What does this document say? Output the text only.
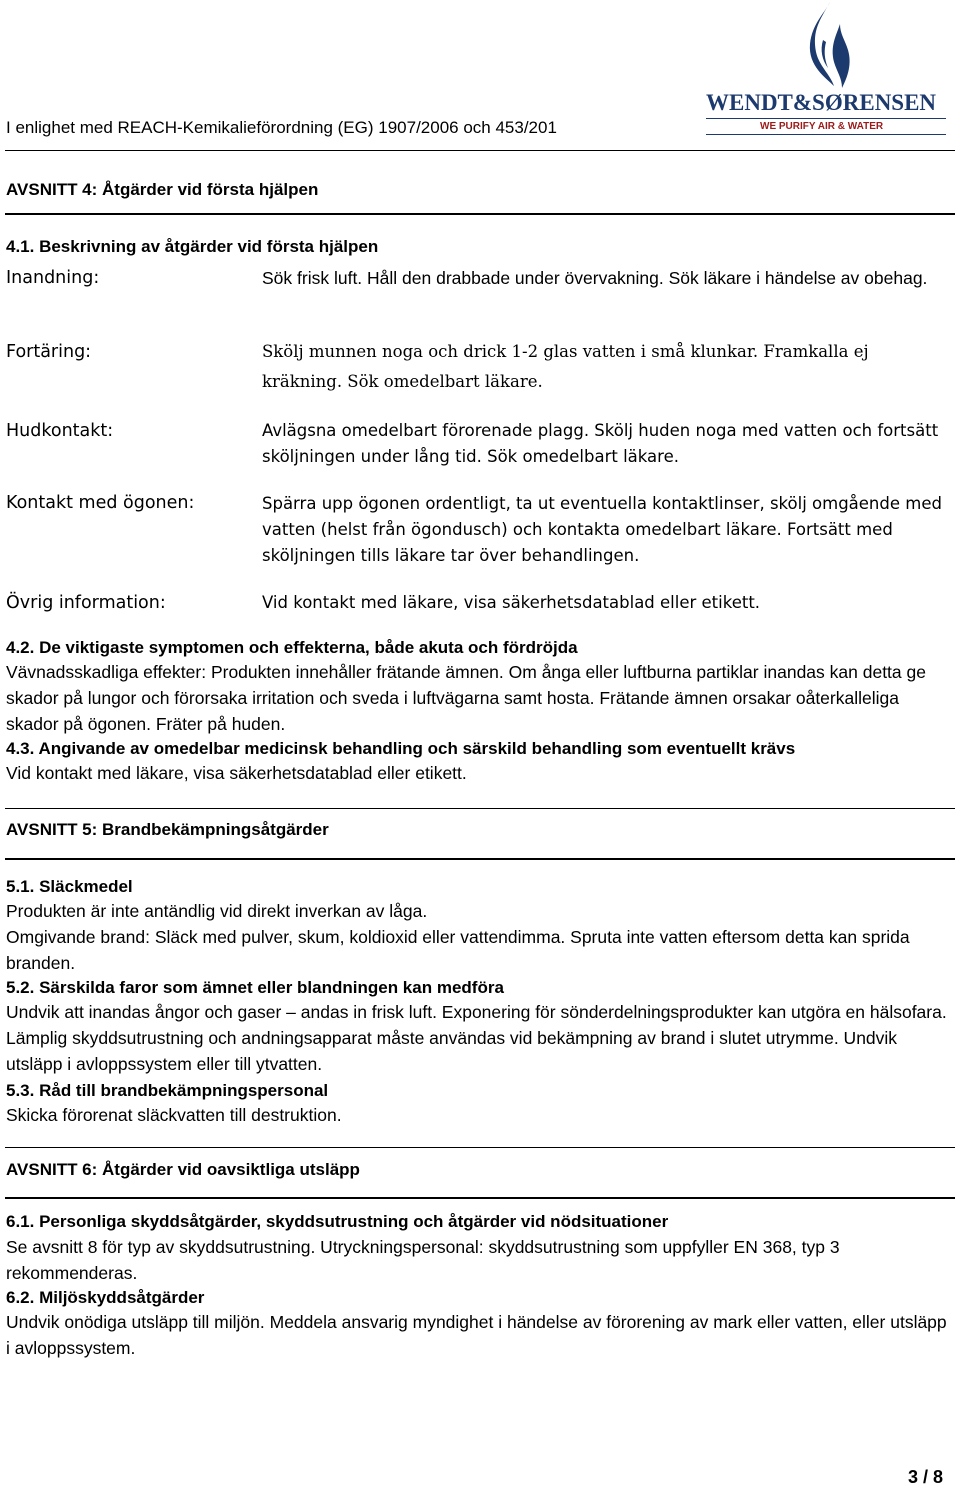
I enlighet med REACH-Kemikalieförordning (EG) 1907/2006 och 453/201
WENDT&SØRENSEN
WE PURIFY AIR & WATER
AVSNITT 4: Åtgärder vid första hjälpen
4.1. Beskrivning av åtgärder vid första hjälpen
Inandning:	Sök frisk luft. Håll den drabbade under övervakning. Sök läkare i händelse av obehag.
Fortäring:	Skölj munnen noga och drick 1-2 glas vatten i små klunkar. Framkalla ej kräkning. Sök omedelbart läkare.
Hudkontakt:	Avlägsna omedelbart förorenade plagg. Skölj huden noga med vatten och fortsätt sköljningen under lång tid. Sök omedelbart läkare.
Kontakt med ögonen:	Spärra upp ögonen ordentligt, ta ut eventuella kontaktlinser, skölj omgående med vatten (helst från ögondusch) och kontakta omedelbart läkare. Fortsätt med sköljningen tills läkare tar över behandlingen.
Övrig information:	Vid kontakt med läkare, visa säkerhetsdatablad eller etikett.
4.2. De viktigaste symptomen och effekterna, både akuta och fördröjda
Vävnadsskadliga effekter: Produkten innehåller frätande ämnen. Om ånga eller luftburna partiklar inandas kan detta ge skador på lungor och förorsaka irritation och sveda i luftvägarna samt hosta. Frätande ämnen orsakar oåterkalleliga skador på ögonen. Fräter på huden.
4.3. Angivande av omedelbar medicinsk behandling och särskild behandling som eventuellt krävs
Vid kontakt med läkare, visa säkerhetsdatablad eller etikett.
AVSNITT 5: Brandbekämpningsåtgärder
5.1. Släckmedel
Produkten är inte antändlig vid direkt inverkan av låga.
Omgivande brand: Släck med pulver, skum, koldioxid eller vattendimma. Spruta inte vatten eftersom detta kan sprida branden.
5.2. Särskilda faror som ämnet eller blandningen kan medföra
Undvik att inandas ångor och gaser – andas in frisk luft. Exponering för sönderdelningsprodukter kan utgöra en hälsofara. Lämplig skyddsutrustning och andningsapparat måste användas vid bekämpning av brand i slutet utrymme. Undvik utsläpp i avloppssystem eller till ytvatten.
5.3. Råd till brandbekämpningspersonal
Skicka förorenat släckvatten till destruktion.
AVSNITT 6: Åtgärder vid oavsiktliga utsläpp
6.1. Personliga skyddsåtgärder, skyddsutrustning och åtgärder vid nödsituationer
Se avsnitt 8 för typ av skyddsutrustning. Utryckningspersonal: skyddsutrustning som uppfyller EN 368, typ 3 rekommenderas.
6.2. Miljöskyddsåtgärder
Undvik onödiga utsläpp till miljön. Meddela ansvarig myndighet i händelse av förorening av mark eller vatten, eller utsläpp i avloppssystem.
3 / 8
